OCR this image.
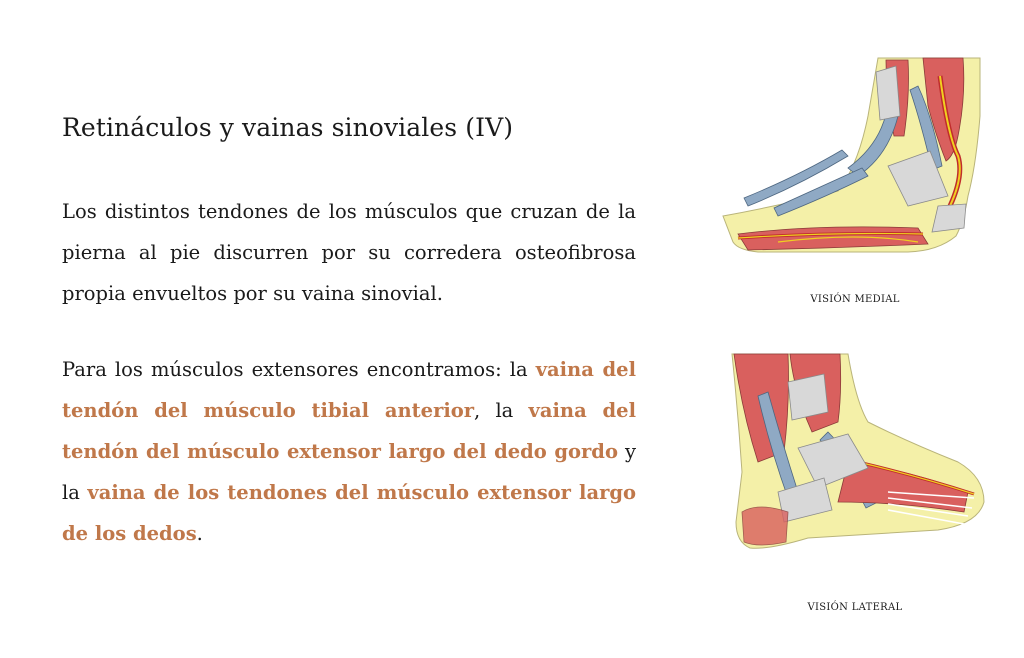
Retináculos y vainas sinoviales (IV)

Los distintos tendones de los músculos que cruzan de la pierna al pie discurren por su corredera osteofibrosa propia envueltos por su vaina sinovial.

Para los músculos extensores encontramos: la vaina del tendón del músculo tibial anterior, la vaina del tendón del músculo extensor largo del dedo gordo y la vaina de los tendones del músculo extensor largo de los dedos.

VISIÓN MEDIAL
VISIÓN LATERAL
